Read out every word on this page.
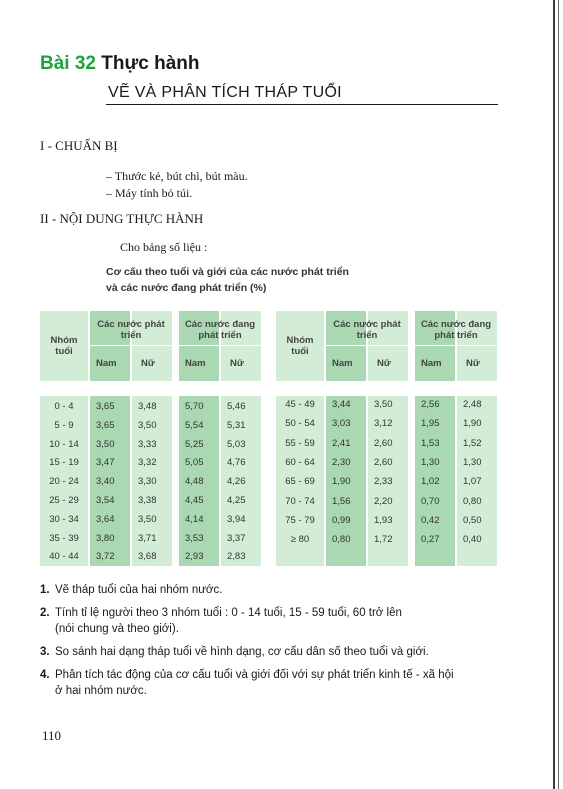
Bài 32 Thực hành
VẼ VÀ PHÂN TÍCH THÁP TUỔI
I - CHUẨN BỊ
– Thước kẻ, bút chì, bút màu.
– Máy tính bỏ túi.
II - NỘI DUNG THỰC HÀNH
Cho bảng số liệu :
Cơ cấu theo tuổi và giới của các nước phát triển
và các nước đang phát triển (%)
Nhóm tuổi
Các nước phát triển
Các nước đang phát triển
Nam	Nữ	Nam	Nữ
0 - 4	3,65 3,48	5,70 5,46
5 - 9	3,65 3,50	5,54 5,31
10 - 14	3,50 3,33	5,25 5,03
15 - 19	3,47 3,32	5,05 4,76
20 - 24	3,40 3,30	4,48 4,26
25 - 29	3,54 3,38	4,45 4,25
30 - 34	3,64 3,50	4,14 3,94
35 - 39	3,80 3,71	3,53 3,37
40 - 44	3,72 3,68	2,93 2,83
Nhóm tuổi
Các nước phát triển
Các nước đang phát triển
Nam	Nữ	Nam	Nữ
45 - 49	3,44 3,50	2,56 2,48
50 - 54	3,03 3,12	1,95 1,90
55 - 59	2,41 2,60	1,53 1,52
60 - 64	2,30 2,60	1,30 1,30
65 - 69	1,90 2,33	1,02 1,07
70 - 74	1,56 2,20	0,70 0,80
75 - 79	0,99 1,93	0,42 0,50
≥ 80	0,80 1,72	0,27 0,40
1. Vẽ tháp tuổi của hai nhóm nước.
2. Tính tỉ lệ người theo 3 nhóm tuổi : 0 - 14 tuổi, 15 - 59 tuổi, 60 trở lên
(nói chung và theo giới).
3. So sánh hai dạng tháp tuổi về hình dạng, cơ cấu dân số theo tuổi và giới.
4. Phân tích tác động của cơ cấu tuổi và giới đối với sự phát triển kinh tế - xã hội
ở hai nhóm nước.
110
